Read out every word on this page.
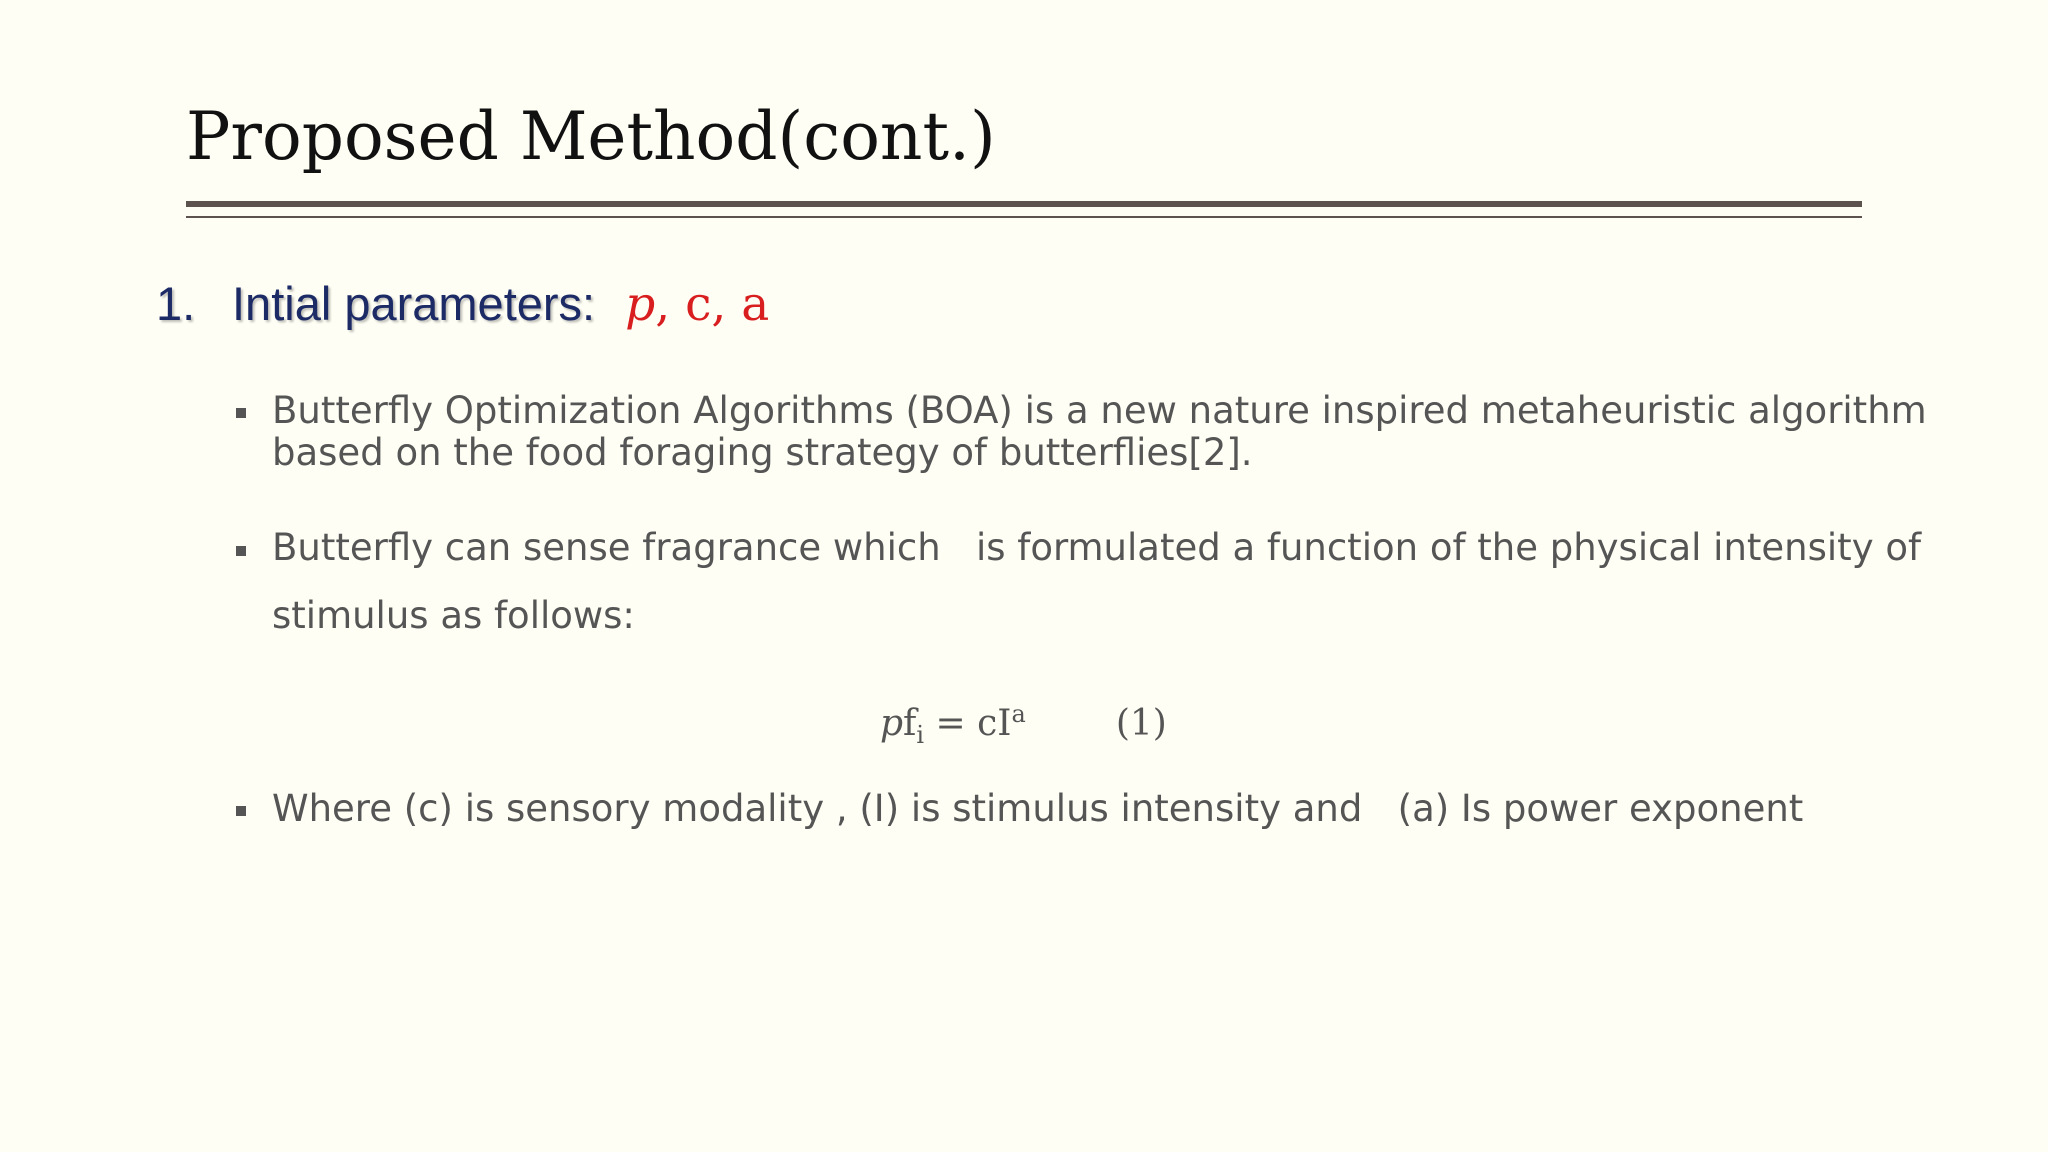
Proposed Method(cont.)
1. Intial parameters: p, c, a
Butterfly Optimization Algorithms (BOA) is a new nature inspired metaheuristic algorithm
based on the food foraging strategy of butterflies[2].
Butterfly can sense fragrance which   is formulated a function of the physical intensity of
stimulus as follows:
$pf_i = cI^a$	(1)
Where (c) is sensory modality , (I) is stimulus intensity and   (a) Is power exponent
